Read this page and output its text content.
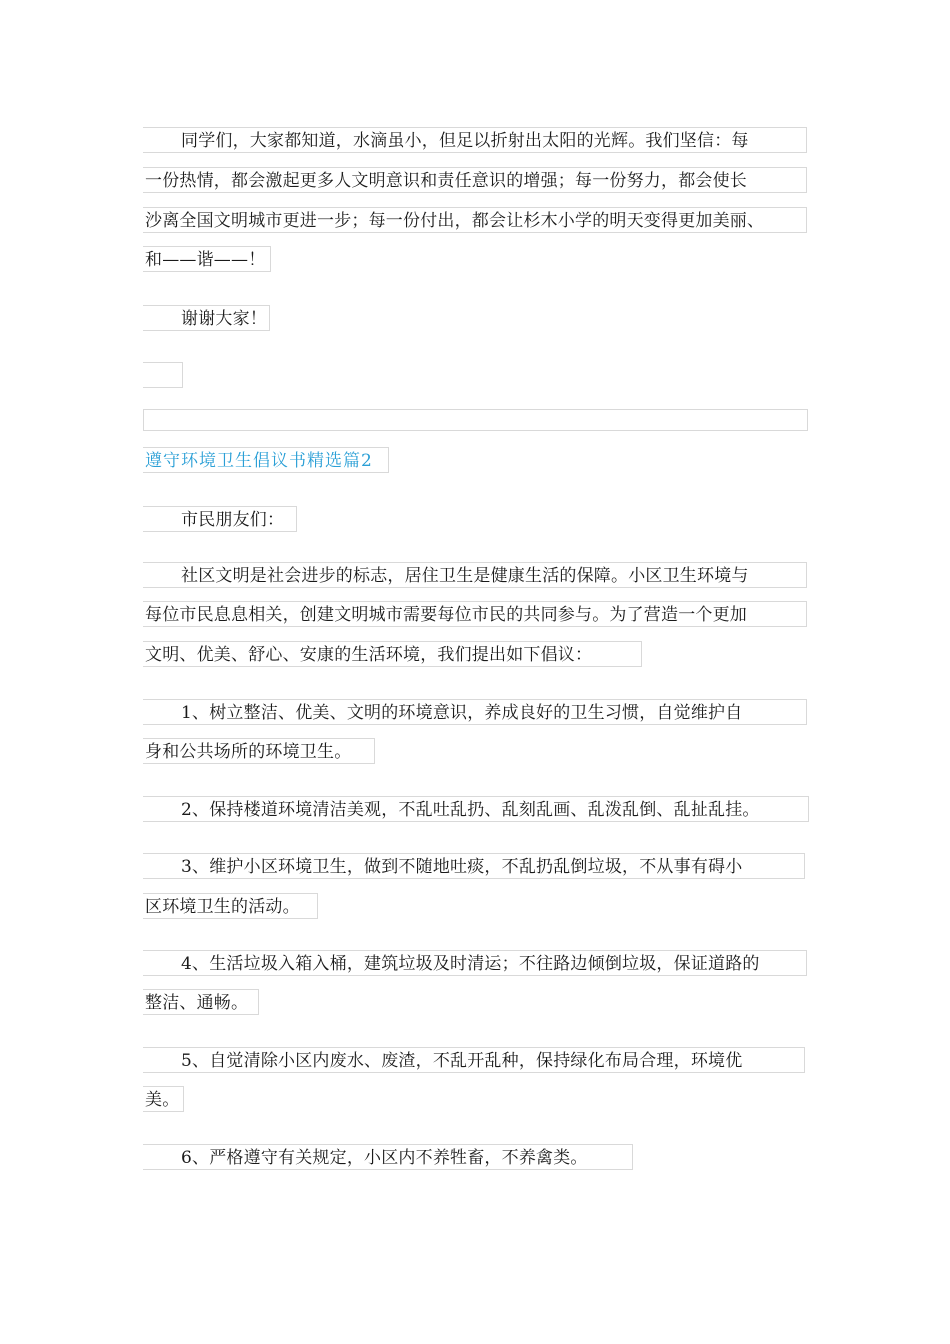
同学们，大家都知道，水滴虽小，但足以折射出太阳的光辉。我们坚信：每
一份热情，都会激起更多人文明意识和责任意识的增强；每一份努力，都会使长
沙离全国文明城市更进一步；每一份付出，都会让杉木小学的明天变得更加美丽、
和——谐——！
谢谢大家！
遵守环境卫生倡议书精选篇2
市民朋友们：
社区文明是社会进步的标志，居住卫生是健康生活的保障。小区卫生环境与
每位市民息息相关，创建文明城市需要每位市民的共同参与。为了营造一个更加
文明、优美、舒心、安康的生活环境，我们提出如下倡议：
1、树立整洁、优美、文明的环境意识，养成良好的卫生习惯，自觉维护自
身和公共场所的环境卫生。
2、保持楼道环境清洁美观，不乱吐乱扔、乱刻乱画、乱泼乱倒、乱扯乱挂。
3、维护小区环境卫生，做到不随地吐痰，不乱扔乱倒垃圾，不从事有碍小
区环境卫生的活动。
4、生活垃圾入箱入桶，建筑垃圾及时清运；不往路边倾倒垃圾，保证道路的
整洁、通畅。
5、自觉清除小区内废水、废渣，不乱开乱种，保持绿化布局合理，环境优
美。
6、严格遵守有关规定，小区内不养牲畜，不养禽类。
